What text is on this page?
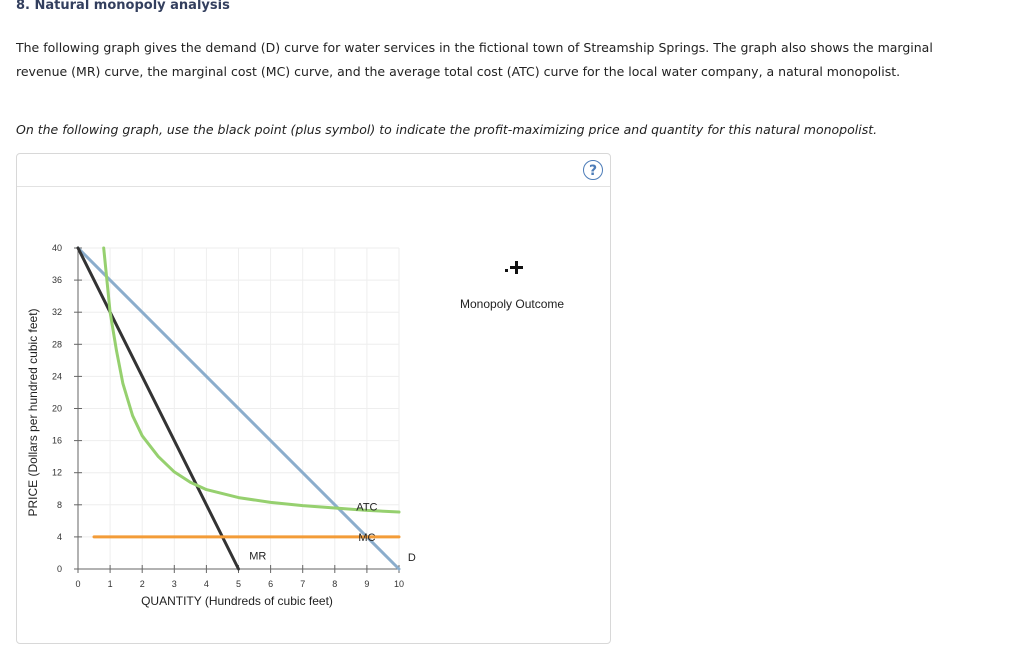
8. Natural monopoly analysis
The following graph gives the demand (D) curve for water services in the fictional town of Streamship Springs. The graph also shows the marginal revenue (MR) curve, the marginal cost (MC) curve, and the average total cost (ATC) curve for the local water company, a natural monopolist.
On the following graph, use the black point (plus symbol) to indicate the profit-maximizing price and quantity for this natural monopolist.
?
0	1	2	3	4	5	6	7	8	9	10
0
4
8
12
16
20
24
28
32
36
40
QUANTITY (Hundreds of cubic feet)
PRICE (Dollars per hundred cubic feet)
D
MR
MC
ATC
Monopoly Outcome
